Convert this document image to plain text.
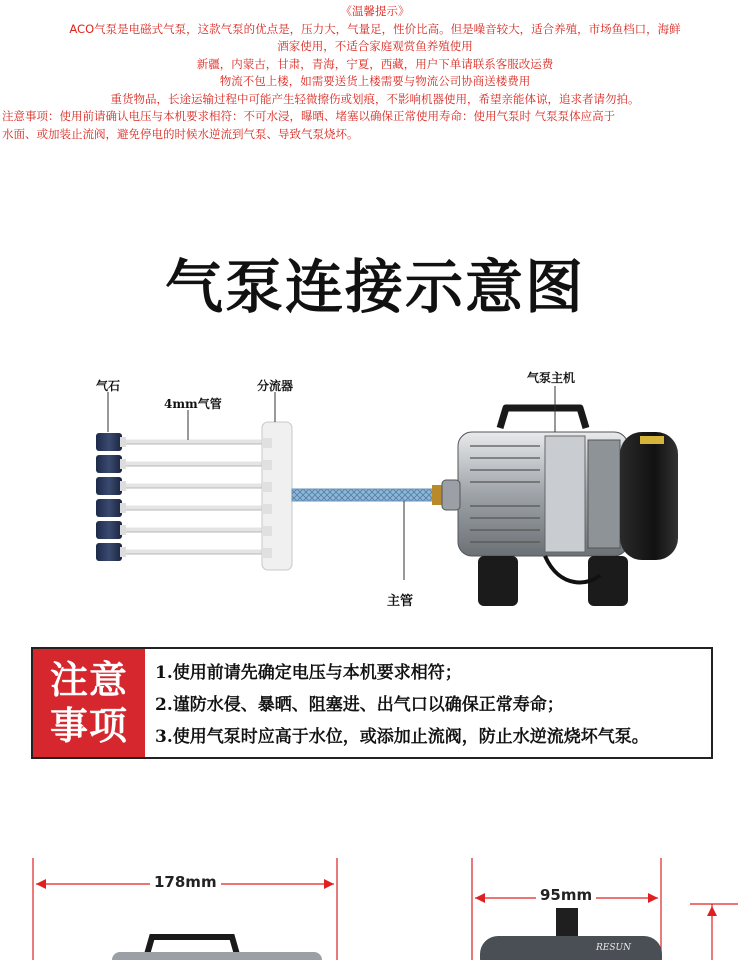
《温馨提示》
ACO气泵是电磁式气泵，这款气泵的优点是，压力大，气量足，性价比高。但是噪音较大，适合养殖，市场鱼档口，海鲜
酒家使用，不适合家庭观赏鱼养殖使用
新疆，内蒙古，甘肃，青海，宁夏，西藏，用户下单请联系客服改运费
物流不包上楼，如需要送货上楼需要与物流公司协商送楼费用
重货物品，长途运输过程中可能产生轻微擦伤或划痕，不影响机器使用，希望亲能体谅，追求者请勿拍。
注意事项：使用前请确认电压与本机要求相符：不可水浸，曝晒、堵塞以确保正常使用寿命：使用气泵时 气泵泵体应高于
水面、或加装止流阀，避免停电的时候水逆流到气泵、导致气泵烧坏。
气泵连接示意图
气石
4mm气管
分流器
气泵主机
主管
注意
事项
1.使用前请先确定电压与本机要求相符；
2.谨防水侵、暴晒、阻塞进、出气口以确保正常寿命；
3.使用气泵时应高于水位，或添加止流阀，防止水逆流烧坏气泵。
178mm
95mm
RESUN
